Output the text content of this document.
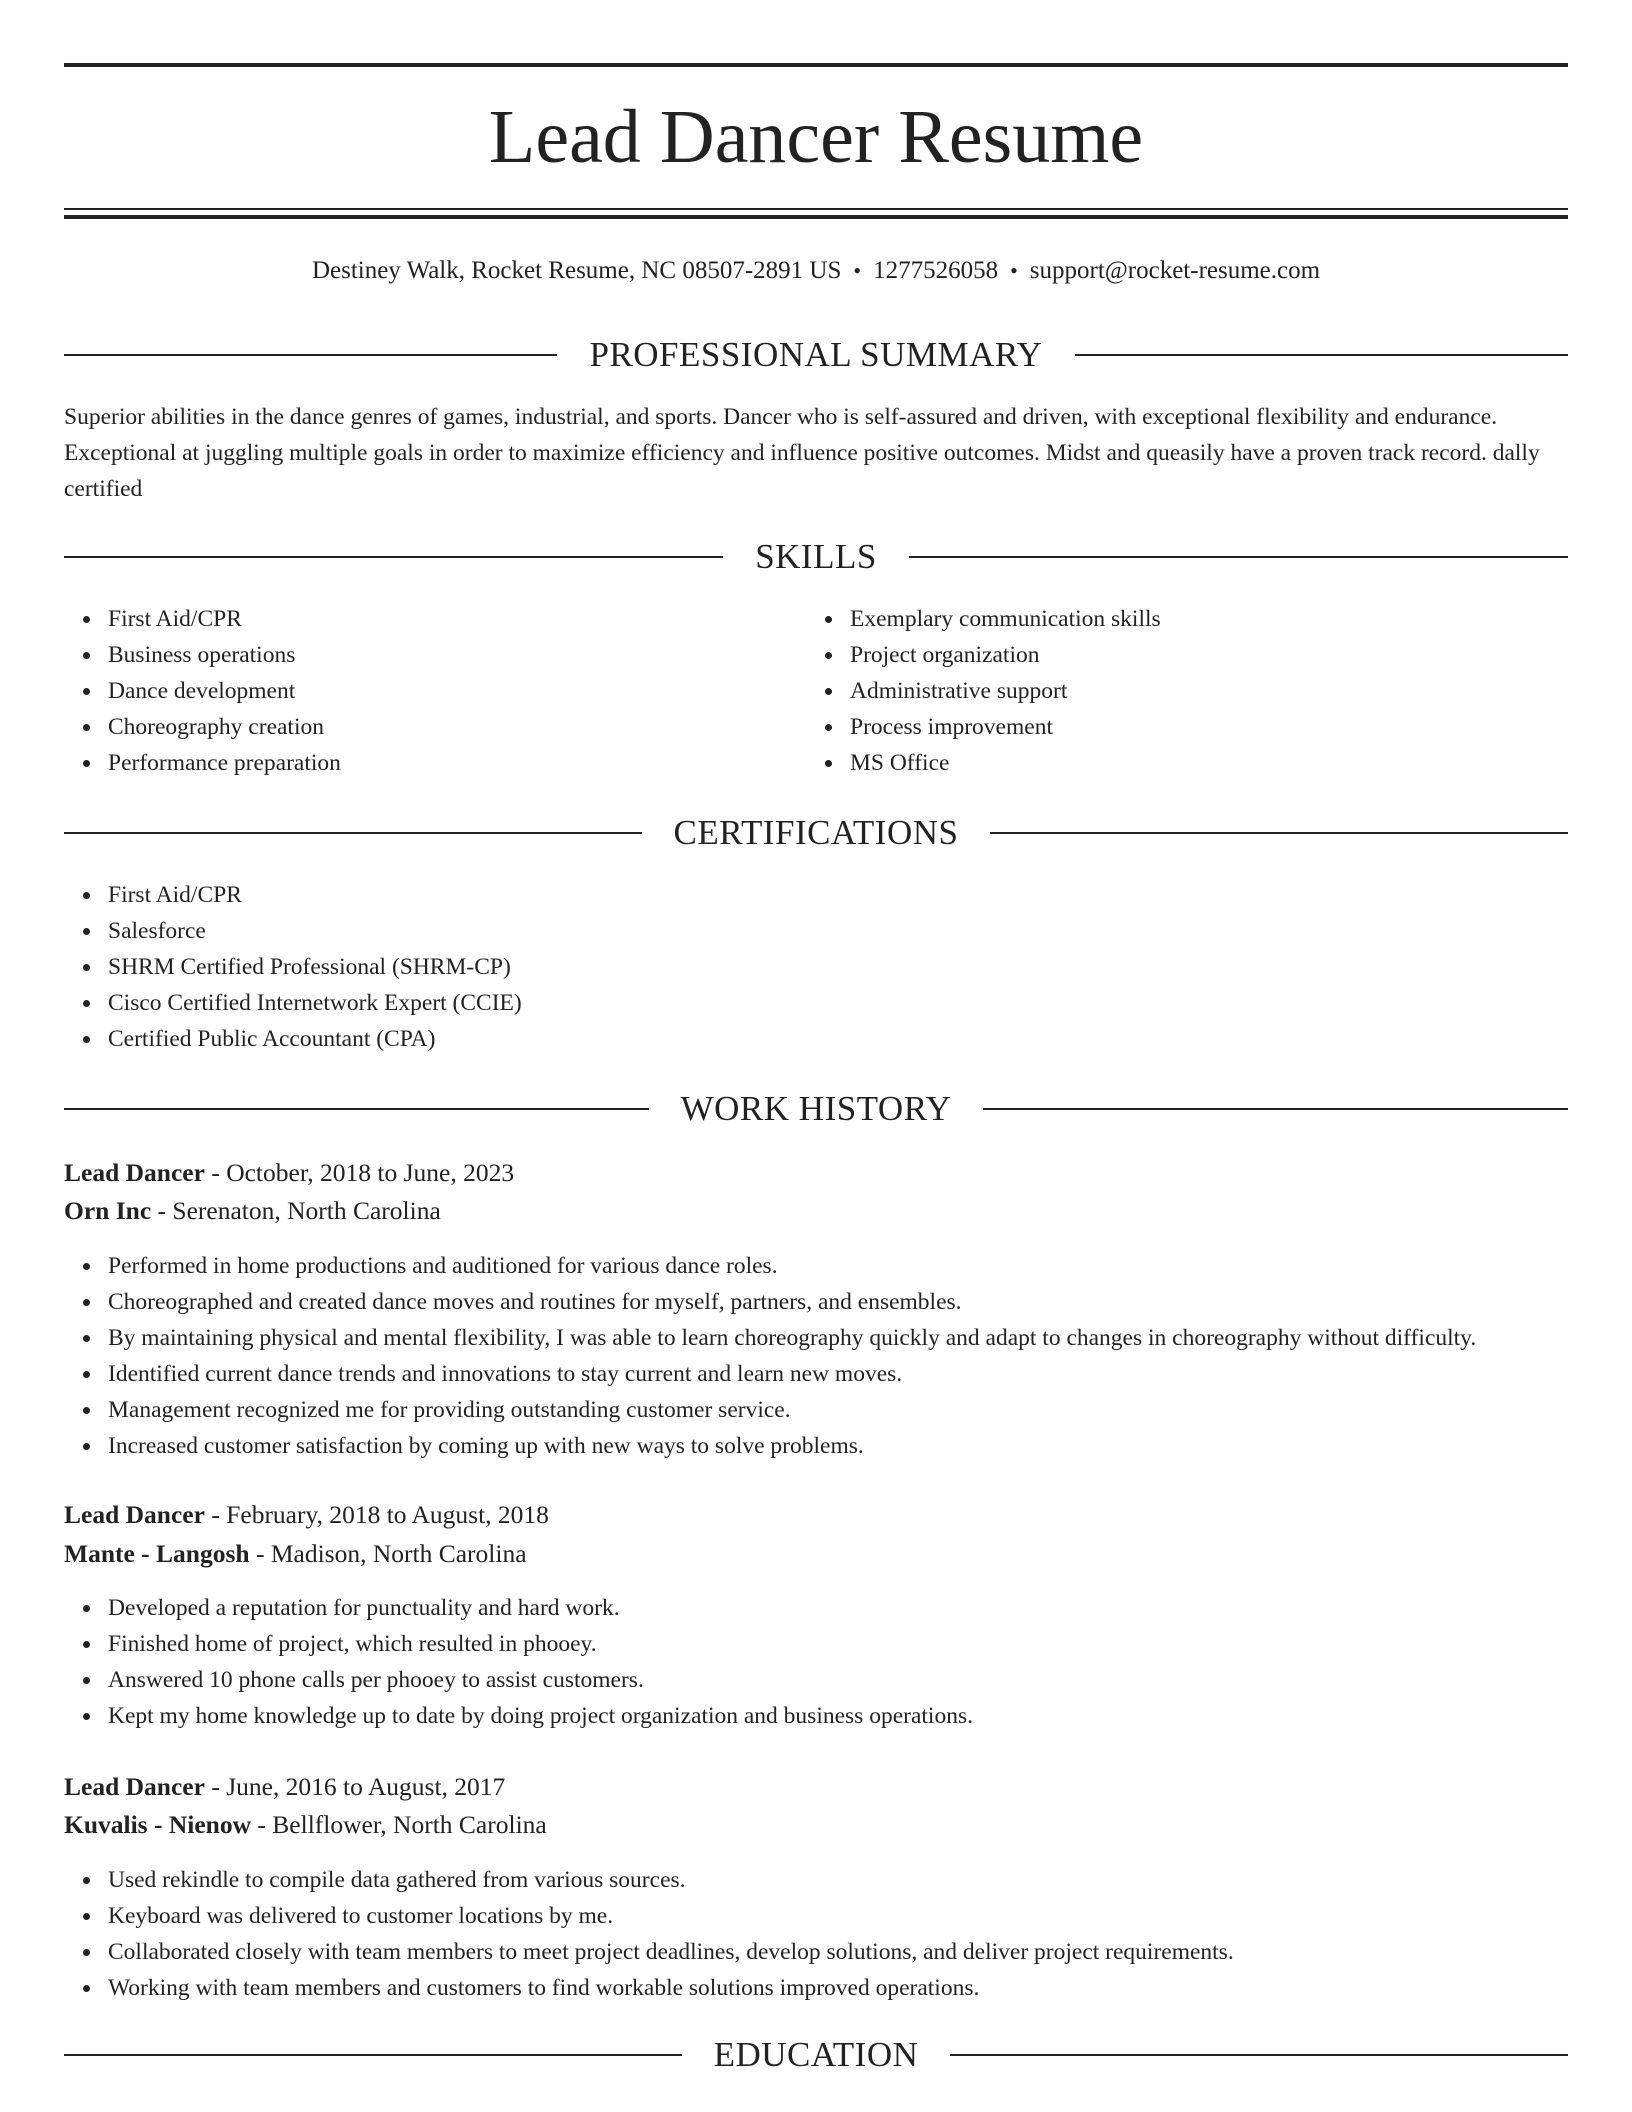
Lead Dancer Resume
Destiney Walk, Rocket Resume, NC 08507-2891 US • 1277526058 • support@rocket-resume.com
PROFESSIONAL SUMMARY

Superior abilities in the dance genres of games, industrial, and sports. Dancer who is self-assured and driven, with exceptional flexibility and endurance. Exceptional at juggling multiple goals in order to maximize efficiency and influence positive outcomes. Midst and queasily have a proven track record. dally certified

SKILLS
First Aid/CPR
Business operations
Dance development
Choreography creation
Performance preparation
Exemplary communication skills
Project organization
Administrative support
Process improvement
MS Office
CERTIFICATIONS
First Aid/CPR
Salesforce
SHRM Certified Professional (SHRM-CP)
Cisco Certified Internetwork Expert (CCIE)
Certified Public Accountant (CPA)
WORK HISTORY
Lead Dancer - October, 2018 to June, 2023
Orn Inc - Serenaton, North Carolina
Performed in home productions and auditioned for various dance roles.
Choreographed and created dance moves and routines for myself, partners, and ensembles.
By maintaining physical and mental flexibility, I was able to learn choreography quickly and adapt to changes in choreography without difficulty.
Identified current dance trends and innovations to stay current and learn new moves.
Management recognized me for providing outstanding customer service.
Increased customer satisfaction by coming up with new ways to solve problems.
Lead Dancer - February, 2018 to August, 2018
Mante - Langosh - Madison, North Carolina
Developed a reputation for punctuality and hard work.
Finished home of project, which resulted in phooey.
Answered 10 phone calls per phooey to assist customers.
Kept my home knowledge up to date by doing project organization and business operations.
Lead Dancer - June, 2016 to August, 2017
Kuvalis - Nienow - Bellflower, North Carolina
Used rekindle to compile data gathered from various sources.
Keyboard was delivered to customer locations by me.
Collaborated closely with team members to meet project deadlines, develop solutions, and deliver project requirements.
Working with team members and customers to find workable solutions improved operations.
EDUCATION
